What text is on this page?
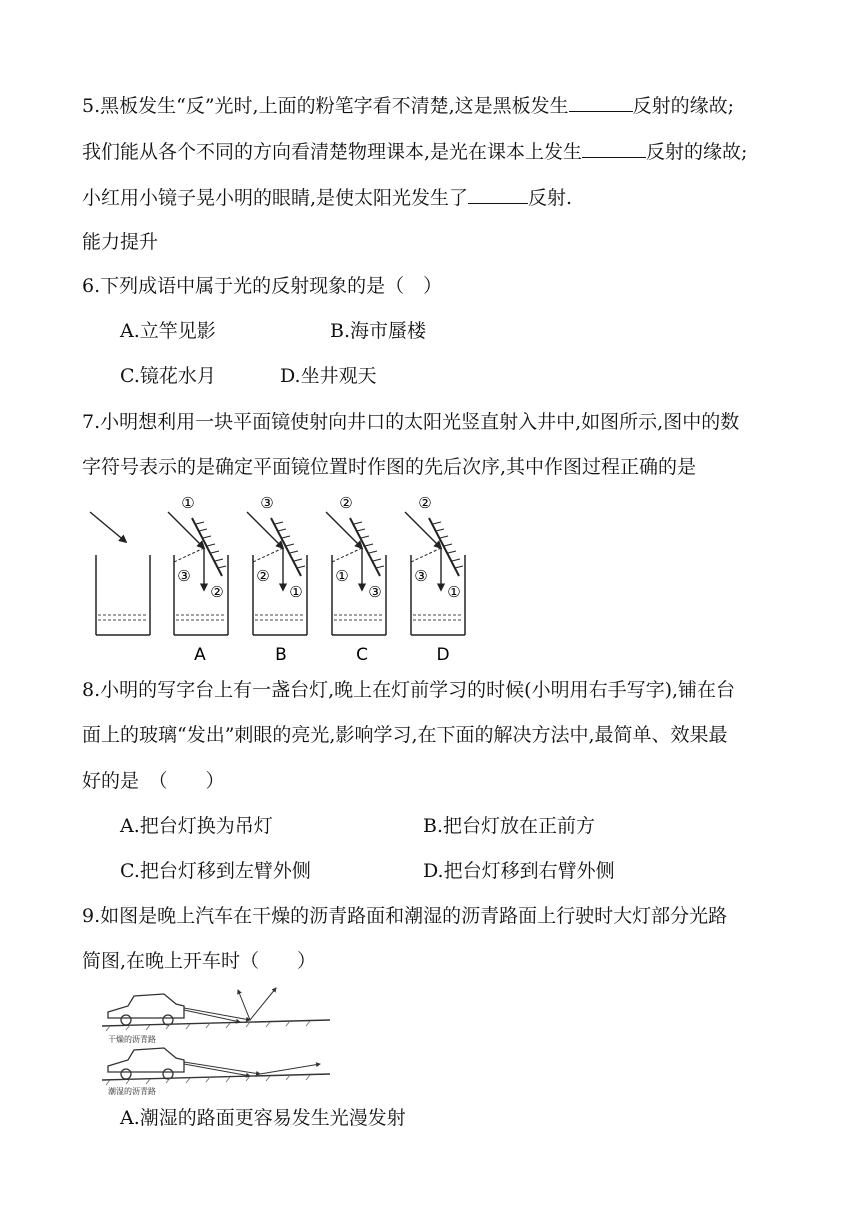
5.黑板发生“反”光时,上面的粉笔字看不清楚,这是黑板发生	反射的缘故;
我们能从各个不同的方向看清楚物理课本,是光在课本上发生	反射的缘故;
小红用小镜子晃小明的眼睛,是使太阳光发生了	反射.
能力提升
6.下列成语中属于光的反射现象的是（　）
A.立竿见影	B.海市蜃楼
C.镜花水月	D.坐井观天
7.小明想利用一块平面镜使射向井口的太阳光竖直射入井中,如图所示,图中的数
字符号表示的是确定平面镜位置时作图的先后次序,其中作图过程正确的是
①
③
②
A
③
②
①
B
②
①
③
C
②
③
①
D
8.小明的写字台上有一盏台灯,晚上在灯前学习的时候(小明用右手写字),铺在台
面上的玻璃“发出”刺眼的亮光,影响学习,在下面的解决方法中,最简单、效果最
好的是　（　　）
A.把台灯换为吊灯	B.把台灯放在正前方
C.把台灯移到左臂外侧	D.把台灯移到右臂外侧
9.如图是晚上汽车在干燥的沥青路面和潮湿的沥青路面上行驶时大灯部分光路
简图,在晚上开车时（　　）
干燥的沥青路
潮湿的沥青路
A.潮湿的路面更容易发生光漫发射
